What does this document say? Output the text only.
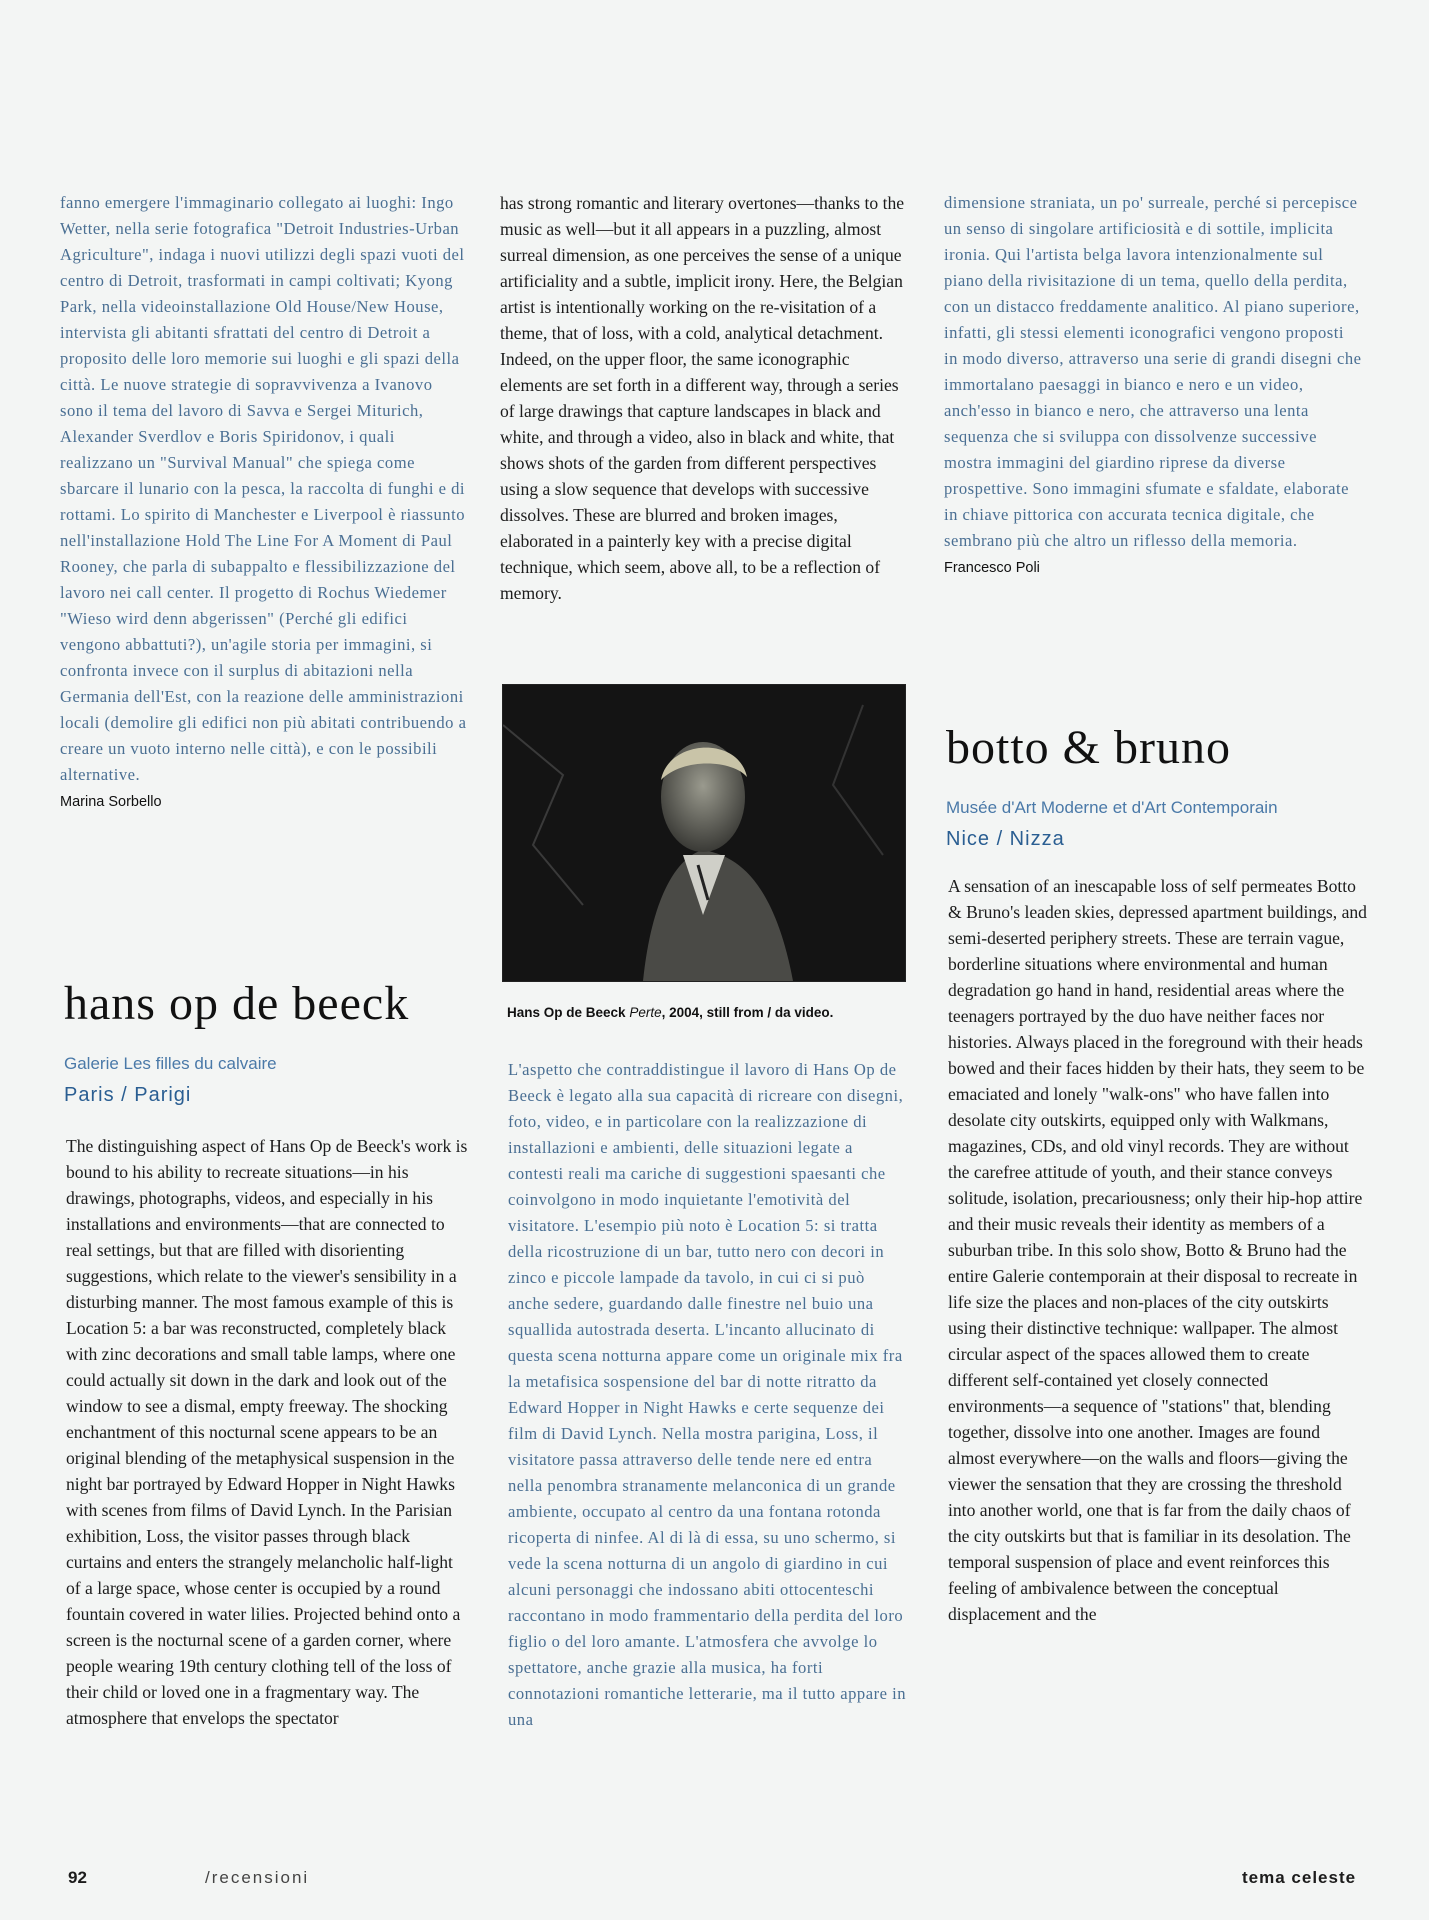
fanno emergere l'immaginario collegato ai luoghi: Ingo Wetter, nella serie fotografica "Detroit Industries-Urban Agriculture", indaga i nuovi utilizzi degli spazi vuoti del centro di Detroit, trasformati in campi coltivati; Kyong Park, nella videoinstallazione Old House/New House, intervista gli abitanti sfrattati del centro di Detroit a proposito delle loro memorie sui luoghi e gli spazi della città. Le nuove strategie di sopravvivenza a Ivanovo sono il tema del lavoro di Savva e Sergei Miturich, Alexander Sverdlov e Boris Spiridonov, i quali realizzano un "Survival Manual" che spiega come sbarcare il lunario con la pesca, la raccolta di funghi e di rottami. Lo spirito di Manchester e Liverpool è riassunto nell'installazione Hold The Line For A Moment di Paul Rooney, che parla di subappalto e flessibilizzazione del lavoro nei call center. Il progetto di Rochus Wiedemer "Wieso wird denn abgerissen" (Perché gli edifici vengono abbattuti?), un'agile storia per immagini, si confronta invece con il surplus di abitazioni nella Germania dell'Est, con la reazione delle amministrazioni locali (demolire gli edifici non più abitati contribuendo a creare un vuoto interno nelle città), e con le possibili alternative.

Marina Sorbello

hans op de beeck

Galerie Les filles du calvaire

Paris / Parigi

The distinguishing aspect of Hans Op de Beeck's work is bound to his ability to recreate situations—in his drawings, photographs, videos, and especially in his installations and environments—that are connected to real settings, but that are filled with disorienting suggestions, which relate to the viewer's sensibility in a disturbing manner. The most famous example of this is Location 5: a bar was reconstructed, completely black with zinc decorations and small table lamps, where one could actually sit down in the dark and look out of the window to see a dismal, empty freeway. The shocking enchantment of this nocturnal scene appears to be an original blending of the metaphysical suspension in the night bar portrayed by Edward Hopper in Night Hawks with scenes from films of David Lynch. In the Parisian exhibition, Loss, the visitor passes through black curtains and enters the strangely melancholic half-light of a large space, whose center is occupied by a round fountain covered in water lilies. Projected behind onto a screen is the nocturnal scene of a garden corner, where people wearing 19th century clothing tell of the loss of their child or loved one in a fragmentary way. The atmosphere that envelops the spectator

has strong romantic and literary overtones—thanks to the music as well—but it all appears in a puzzling, almost surreal dimension, as one perceives the sense of a unique artificiality and a subtle, implicit irony. Here, the Belgian artist is intentionally working on the re-visitation of a theme, that of loss, with a cold, analytical detachment. Indeed, on the upper floor, the same iconographic elements are set forth in a different way, through a series of large drawings that capture landscapes in black and white, and through a video, also in black and white, that shows shots of the garden from different perspectives using a slow sequence that develops with successive dissolves. These are blurred and broken images, elaborated in a painterly key with a precise digital technique, which seem, above all, to be a reflection of memory.

Hans Op de Beeck Perte, 2004, still from / da video.

L'aspetto che contraddistingue il lavoro di Hans Op de Beeck è legato alla sua capacità di ricreare con disegni, foto, video, e in particolare con la realizzazione di installazioni e ambienti, delle situazioni legate a contesti reali ma cariche di suggestioni spaesanti che coinvolgono in modo inquietante l'emotività del visitatore. L'esempio più noto è Location 5: si tratta della ricostruzione di un bar, tutto nero con decori in zinco e piccole lampade da tavolo, in cui ci si può anche sedere, guardando dalle finestre nel buio una squallida autostrada deserta. L'incanto allucinato di questa scena notturna appare come un originale mix fra la metafisica sospensione del bar di notte ritratto da Edward Hopper in Night Hawks e certe sequenze dei film di David Lynch. Nella mostra parigina, Loss, il visitatore passa attraverso delle tende nere ed entra nella penombra stranamente melanconica di un grande ambiente, occupato al centro da una fontana rotonda ricoperta di ninfee. Al di là di essa, su uno schermo, si vede la scena notturna di un angolo di giardino in cui alcuni personaggi che indossano abiti ottocenteschi raccontano in modo frammentario della perdita del loro figlio o del loro amante. L'atmosfera che avvolge lo spettatore, anche grazie alla musica, ha forti connotazioni romantiche letterarie, ma il tutto appare in una

dimensione straniata, un po' surreale, perché si percepisce un senso di singolare artificiosità e di sottile, implicita ironia. Qui l'artista belga lavora intenzionalmente sul piano della rivisitazione di un tema, quello della perdita, con un distacco freddamente analitico. Al piano superiore, infatti, gli stessi elementi iconografici vengono proposti in modo diverso, attraverso una serie di grandi disegni che immortalano paesaggi in bianco e nero e un video, anch'esso in bianco e nero, che attraverso una lenta sequenza che si sviluppa con dissolvenze successive mostra immagini del giardino riprese da diverse prospettive. Sono immagini sfumate e sfaldate, elaborate in chiave pittorica con accurata tecnica digitale, che sembrano più che altro un riflesso della memoria.

Francesco Poli

botto & bruno

Musée d'Art Moderne et d'Art Contemporain

Nice / Nizza

A sensation of an inescapable loss of self permeates Botto & Bruno's leaden skies, depressed apartment buildings, and semi-deserted periphery streets. These are terrain vague, borderline situations where environmental and human degradation go hand in hand, residential areas where the teenagers portrayed by the duo have neither faces nor histories. Always placed in the foreground with their heads bowed and their faces hidden by their hats, they seem to be emaciated and lonely "walk-ons" who have fallen into desolate city outskirts, equipped only with Walkmans, magazines, CDs, and old vinyl records. They are without the carefree attitude of youth, and their stance conveys solitude, isolation, precariousness; only their hip-hop attire and their music reveals their identity as members of a suburban tribe. In this solo show, Botto & Bruno had the entire Galerie contemporain at their disposal to recreate in life size the places and non-places of the city outskirts using their distinctive technique: wallpaper. The almost circular aspect of the spaces allowed them to create different self-contained yet closely connected environments—a sequence of "stations" that, blending together, dissolve into one another. Images are found almost everywhere—on the walls and floors—giving the viewer the sensation that they are crossing the threshold into another world, one that is far from the daily chaos of the city outskirts but that is familiar in its desolation. The temporal suspension of place and event reinforces this feeling of ambivalence between the conceptual displacement and the

92	/recensioni	tema celeste
